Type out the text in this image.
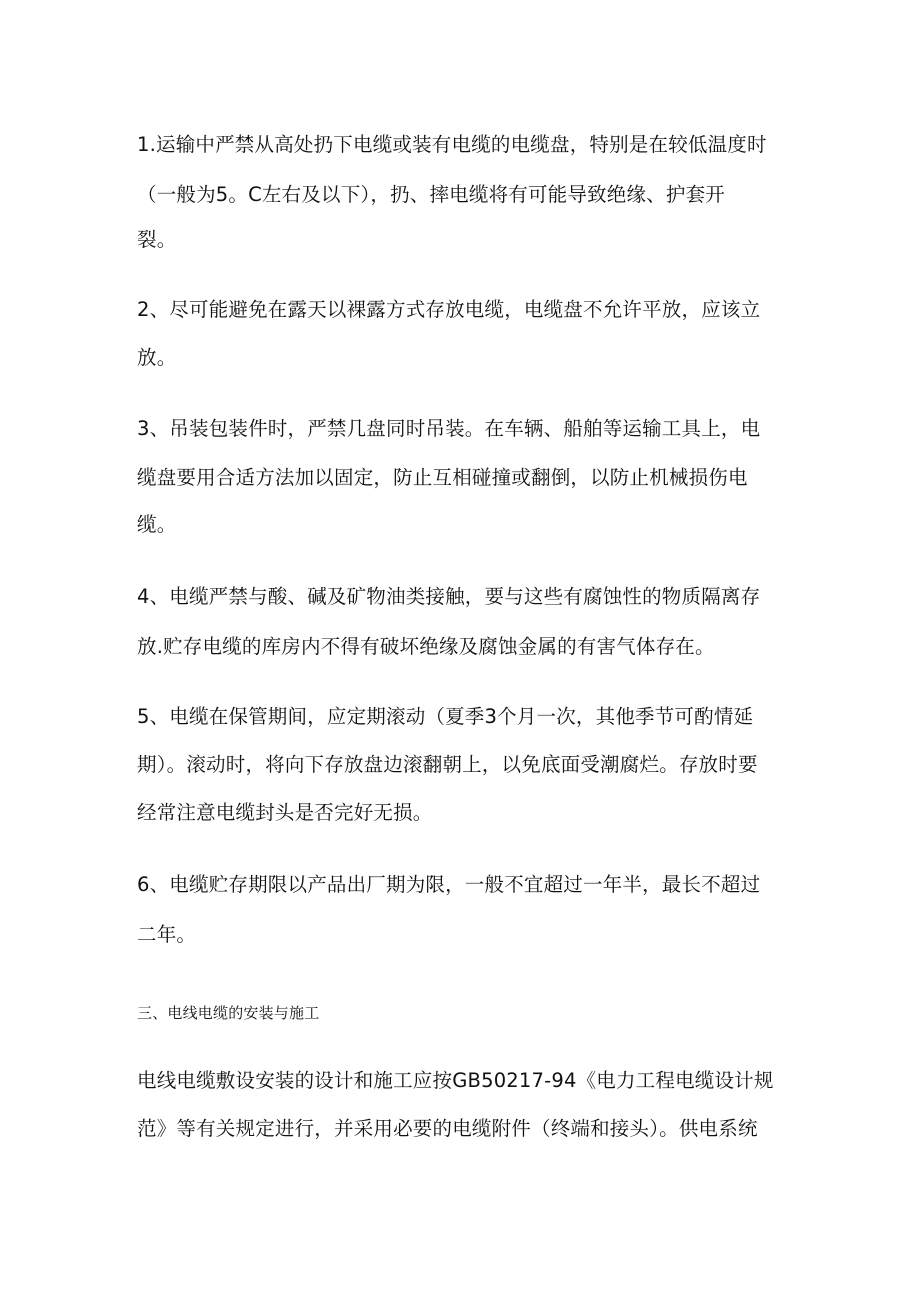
1.运输中严禁从高处扔下电缆或装有电缆的电缆盘，特别是在较低温度时
（一般为5。C左右及以下），扔、摔电缆将有可能导致绝缘、护套开
裂。
2、尽可能避免在露天以裸露方式存放电缆，电缆盘不允许平放，应该立
放。
3、吊装包装件时，严禁几盘同时吊装。在车辆、船舶等运输工具上，电
缆盘要用合适方法加以固定，防止互相碰撞或翻倒，以防止机械损伤电
缆。
4、电缆严禁与酸、碱及矿物油类接触，要与这些有腐蚀性的物质隔离存
放.贮存电缆的库房内不得有破坏绝缘及腐蚀金属的有害气体存在。
5、电缆在保管期间，应定期滚动（夏季3个月一次，其他季节可酌情延
期）。滚动时，将向下存放盘边滚翻朝上，以免底面受潮腐烂。存放时要
经常注意电缆封头是否完好无损。
6、电缆贮存期限以产品出厂期为限，一般不宜超过一年半，最长不超过
二年。
三、电线电缆的安装与施工
电线电缆敷设安装的设计和施工应按GB50217-94《电力工程电缆设计规
范》等有关规定进行，并采用必要的电缆附件（终端和接头）。供电系统
